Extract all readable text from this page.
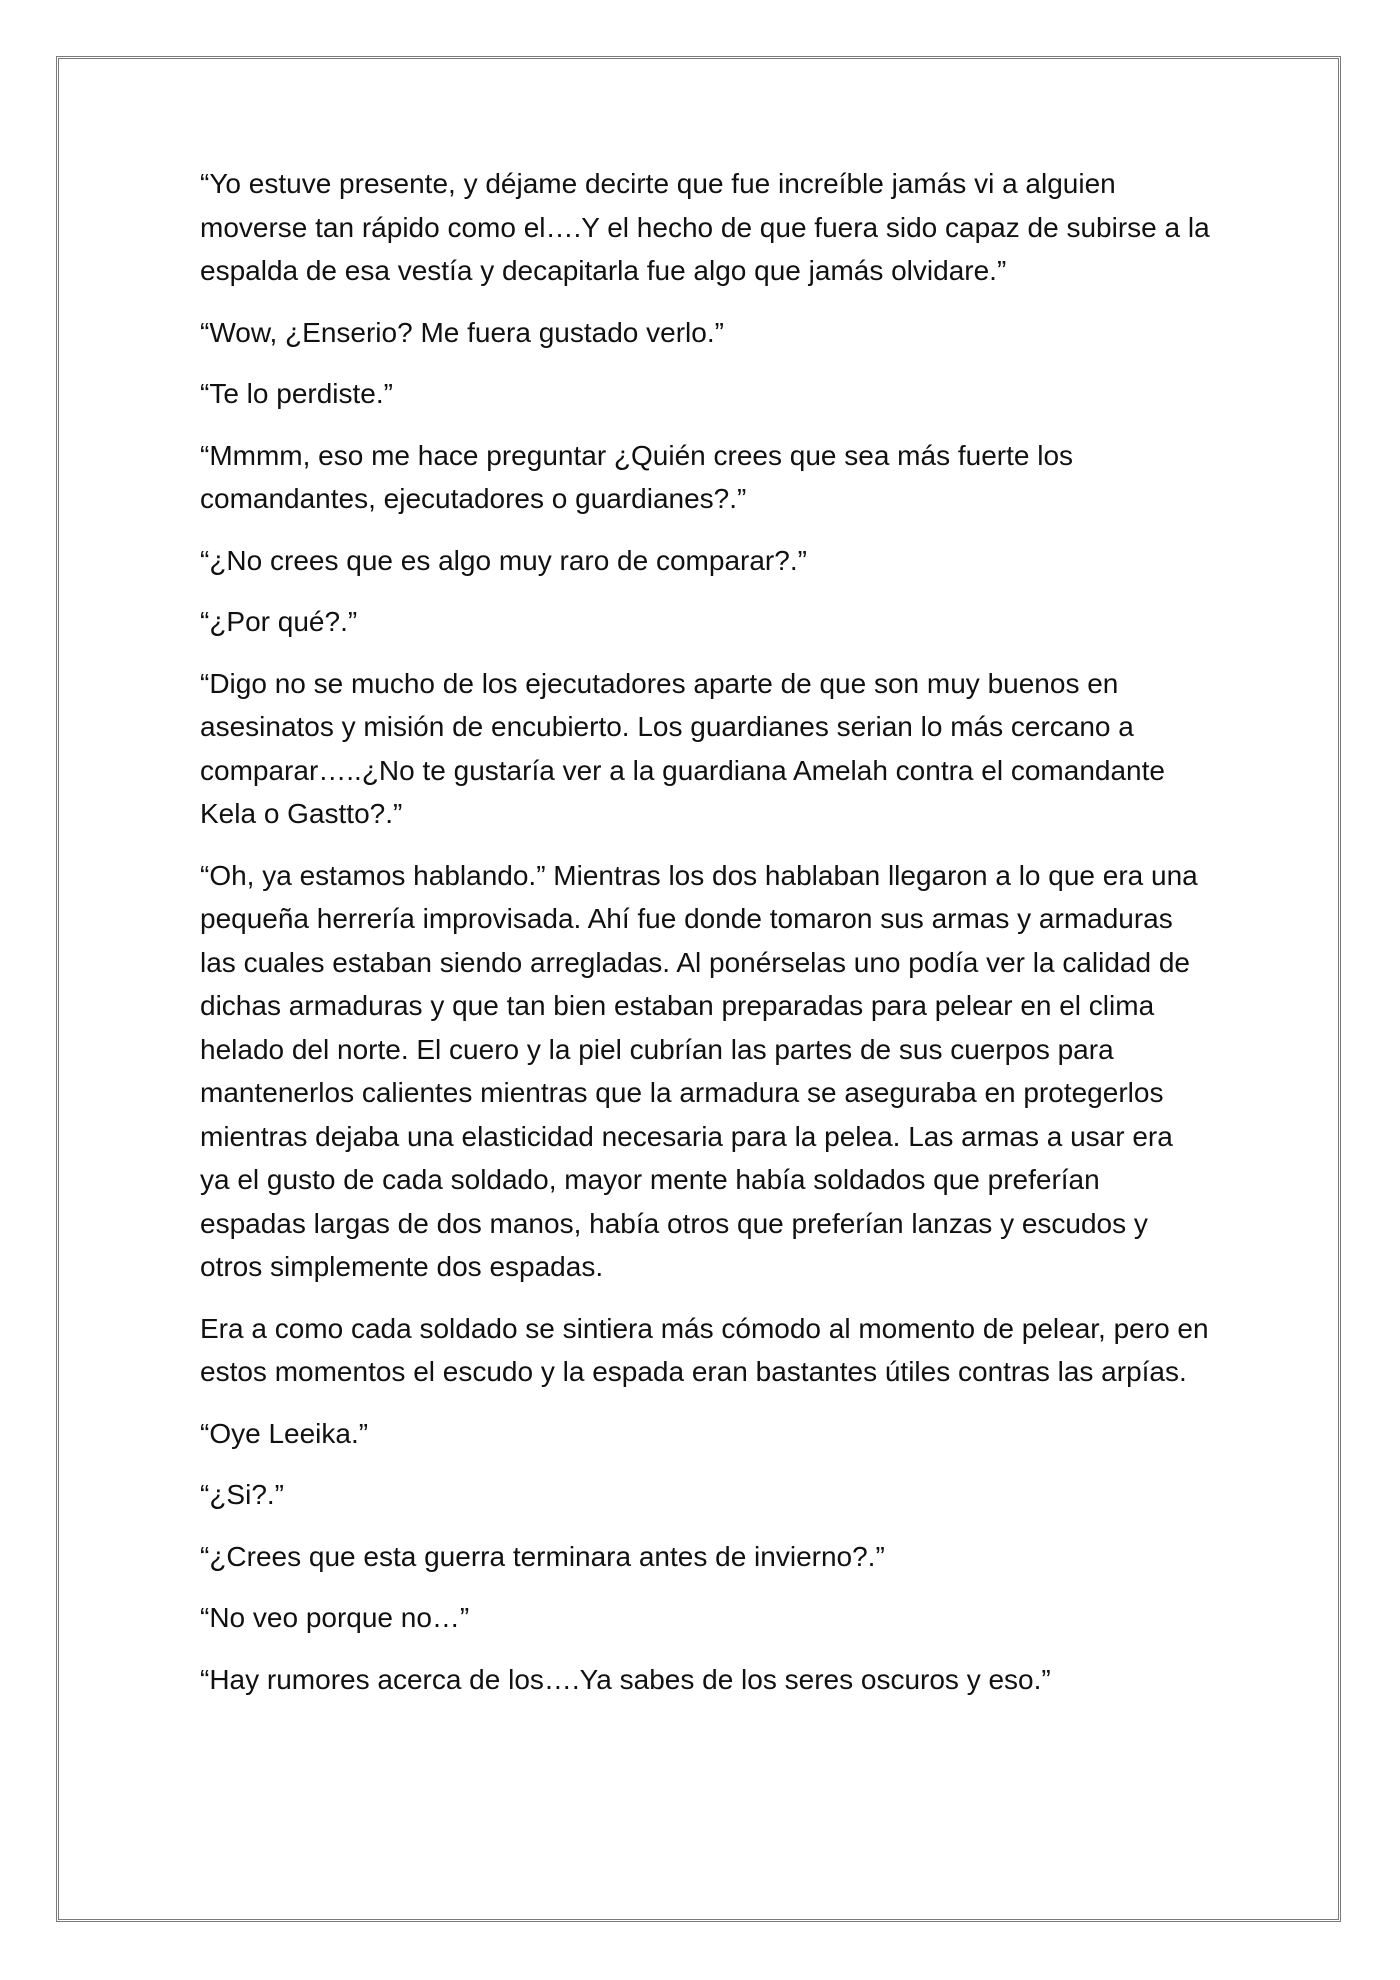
“Yo estuve presente, y déjame decirte que fue increíble jamás vi a alguien moverse tan rápido como el….Y el hecho de que fuera sido capaz de subirse a la espalda de esa vestía y decapitarla fue algo que jamás olvidare.”

“Wow, ¿Enserio? Me fuera gustado verlo.”

“Te lo perdiste.”

“Mmmm, eso me hace preguntar ¿Quién crees que sea más fuerte los comandantes, ejecutadores o guardianes?.”

“¿No crees que es algo muy raro de comparar?.”

“¿Por qué?.”

“Digo no se mucho de los ejecutadores aparte de que son muy buenos en asesinatos y misión de encubierto. Los guardianes serian lo más cercano a comparar…..¿No te gustaría ver a la guardiana Amelah contra el comandante Kela o Gastto?.”

“Oh, ya estamos hablando.” Mientras los dos hablaban llegaron a lo que era una pequeña herrería improvisada. Ahí fue donde tomaron sus armas y armaduras las cuales estaban siendo arregladas. Al ponérselas uno podía ver la calidad de dichas armaduras y que tan bien estaban preparadas para pelear en el clima helado del norte. El cuero y la piel cubrían las partes de sus cuerpos para mantenerlos calientes mientras que la armadura se aseguraba en protegerlos mientras dejaba una elasticidad necesaria para la pelea. Las armas a usar era ya el gusto de cada soldado, mayor mente había soldados que preferían espadas largas de dos manos, había otros que preferían lanzas y escudos y otros simplemente dos espadas.

Era a como cada soldado se sintiera más cómodo al momento de pelear, pero en estos momentos el escudo y la espada eran bastantes útiles contras las arpías.

“Oye Leeika.”

“¿Si?.”

“¿Crees que esta guerra terminara antes de invierno?.”

“No veo porque no…”

“Hay rumores acerca de los….Ya sabes de los seres oscuros y eso.”
